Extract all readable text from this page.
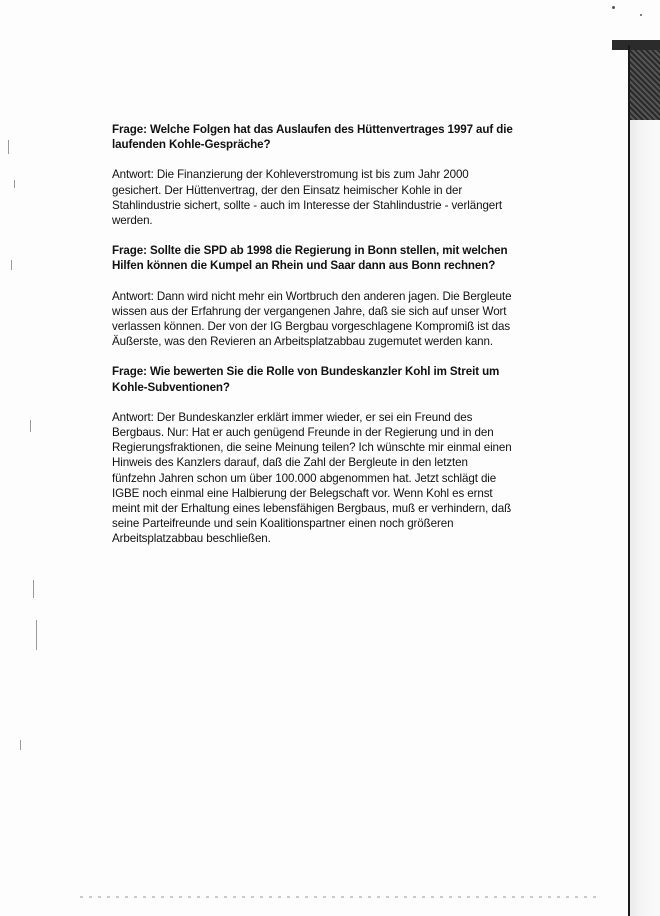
Frage: Welche Folgen hat das Auslaufen des Hüttenvertrages 1997 auf die
laufenden Kohle-Gespräche?
Antwort: Die Finanzierung der Kohleverstromung ist bis zum Jahr 2000
gesichert. Der Hüttenvertrag, der den Einsatz heimischer Kohle in der
Stahlindustrie sichert, sollte - auch im Interesse der Stahlindustrie - verlängert
werden.
Frage: Sollte die SPD ab 1998 die Regierung in Bonn stellen, mit welchen
Hilfen können die Kumpel an Rhein und Saar dann aus Bonn rechnen?
Antwort: Dann wird nicht mehr ein Wortbruch den anderen jagen. Die Bergleute
wissen aus der Erfahrung der vergangenen Jahre, daß sie sich auf unser Wort
verlassen können. Der von der IG Bergbau vorgeschlagene Kompromiß ist das
Äußerste, was den Revieren an Arbeitsplatzabbau zugemutet werden kann.
Frage: Wie bewerten Sie die Rolle von Bundeskanzler Kohl im Streit um
Kohle-Subventionen?
Antwort: Der Bundeskanzler erklärt immer wieder, er sei ein Freund des
Bergbaus. Nur: Hat er auch genügend Freunde in der Regierung und in den
Regierungsfraktionen, die seine Meinung teilen? Ich wünschte mir einmal einen
Hinweis des Kanzlers darauf, daß die Zahl der Bergleute in den letzten
fünfzehn Jahren schon um über 100.000 abgenommen hat. Jetzt schlägt die
IGBE noch einmal eine Halbierung der Belegschaft vor. Wenn Kohl es ernst
meint mit der Erhaltung eines lebensfähigen Bergbaus, muß er verhindern, daß
seine Parteifreunde und sein Koalitionspartner einen noch größeren
Arbeitsplatzabbau beschließen.
